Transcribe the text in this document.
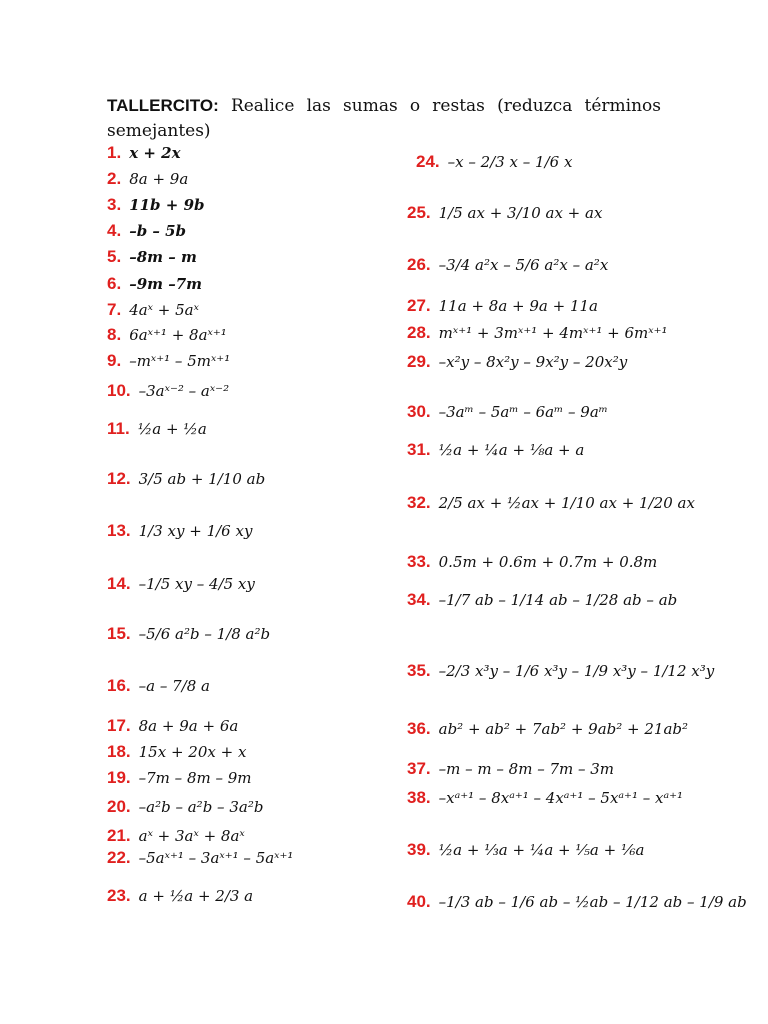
TALLERCITO: Realice las sumas o restas (reduzca términos semejantes)
1. x + 2x
2. 8a + 9a
3. 11b + 9b
4. –b – 5b
5. –8m – m
6. –9m –7m
7. 4aˣ + 5aˣ
8. 6aˣ⁺¹ + 8aˣ⁺¹
9. –mˣ⁺¹ – 5mˣ⁺¹
10. –3aˣ⁻² – aˣ⁻²
11. ½a + ½a
12. 3/5 ab + 1/10 ab
13. 1/3 xy + 1/6 xy
14. –1/5 xy – 4/5 xy
15. –5/6 a²b – 1/8 a²b
16. –a – 7/8 a
17. 8a + 9a + 6a
18. 15x + 20x + x
19. –7m – 8m – 9m
20. –a²b – a²b – 3a²b
21. aˣ + 3aˣ + 8aˣ
22. –5aˣ⁺¹ – 3aˣ⁺¹ – 5aˣ⁺¹
23. a + ½a + 2/3 a
24. –x – 2/3 x – 1/6 x
25. 1/5 ax + 3/10 ax + ax
26. –3/4 a²x – 5/6 a²x – a²x
27. 11a + 8a + 9a + 11a
28. mˣ⁺¹ + 3mˣ⁺¹ + 4mˣ⁺¹ + 6mˣ⁺¹
29. –x²y – 8x²y – 9x²y – 20x²y
30. –3aᵐ – 5aᵐ – 6aᵐ – 9aᵐ
31. ½a + ¼a + ⅛a + a
32. 2/5 ax + ½ax + 1/10 ax + 1/20 ax
33. 0.5m + 0.6m + 0.7m + 0.8m
34. –1/7 ab – 1/14 ab – 1/28 ab – ab
35. –2/3 x³y – 1/6 x³y – 1/9 x³y – 1/12 x³y
36. ab² + ab² + 7ab² + 9ab² + 21ab²
37. –m – m – 8m – 7m – 3m
38. –xᵃ⁺¹ – 8xᵃ⁺¹ – 4xᵃ⁺¹ – 5xᵃ⁺¹ – xᵃ⁺¹
39. ½a + ⅓a + ¼a + ⅕a + ⅙a
40. –1/3 ab – 1/6 ab – ½ab – 1/12 ab – 1/9 ab
